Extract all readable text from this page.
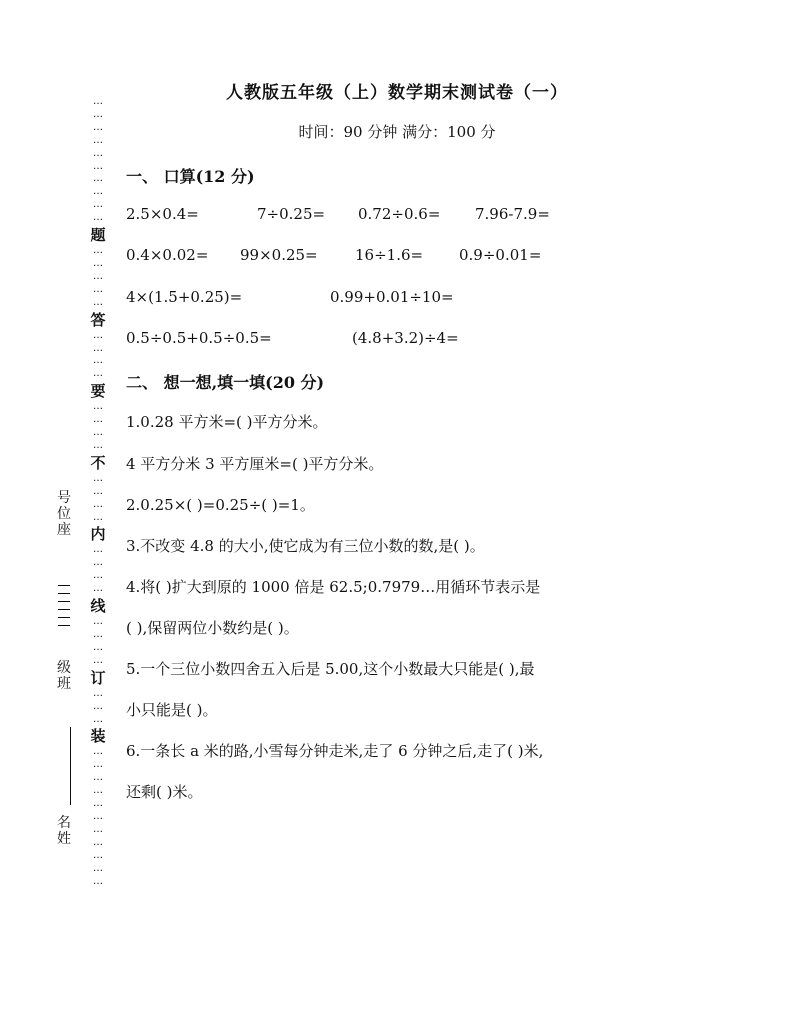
…
…
…
…
…
…
…
…
…
…
题
…
…
…
…
…
答
…
…
…
…
要
…
…
…
…
不
…
…
…
…
内
…
…
…
…
线
…
…
…
…
订
…
…
…
装
…
…
…
…
…
…
…
…
…
…
…
号
位
座
级
班
名
姓
人教版五年级（上）数学期末测试卷（一）
时间：90 分钟 满分：100 分
一、 口算(12 分)
2.5×0.4=	7÷0.25= 0.72÷0.6= 7.96-7.9=
0.4×0.02= 99×0.25= 16÷1.6= 0.9÷0.01=
4×(1.5+0.25)=	0.99+0.01÷10=
0.5÷0.5+0.5÷0.5=	(4.8+3.2)÷4=
二、 想一想,填一填(20 分)
1.0.28 平方米=( )平方分米。
4 平方分米 3 平方厘米=( )平方分米。
2.0.25×( )=0.25÷( )=1。
3.不改变 4.8 的大小,使它成为有三位小数的数,是( )。
4.将( )扩大到原的 1000 倍是 62.5;0.7979…用循环节表示是
( ),保留两位小数约是( )。
5.一个三位小数四舍五入后是 5.00,这个小数最大只能是( ),最
小只能是( )。
6.一条长 a 米的路,小雪每分钟走米,走了 6 分钟之后,走了( )米,
还剩( )米。
